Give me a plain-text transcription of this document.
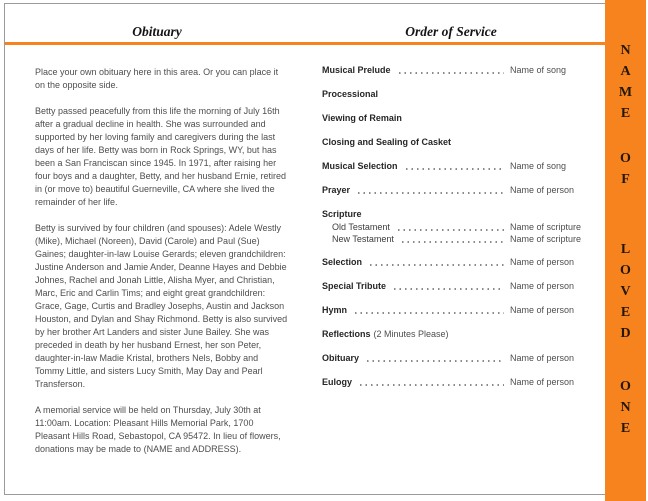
Obituary	Order of Service

Place your own obituary here in this area. Or you can place it on the opposite side.

Betty passed peacefully from this life the morning of July 16th after a gradual decline in health. She was surrounded and supported by her loving family and caregivers during the last days of her life. Betty was born in Rock Springs, WY, but has been a San Franciscan since 1945. In 1971, after raising her four boys and a daughter, Betty, and her husband Ernie, retired in (or move to) beautiful Guerneville, CA where she lived the remainder of her life.

Betty is survived by four children (and spouses): Adele Westly (Mike), Michael (Noreen), David (Carole) and Paul (Sue) Gaines; daughter-in-law Louise Gerards; eleven grandchildren: Justine Anderson and Jamie Ander, Deanne Hayes and Debbie Johnes, Rachel and Jonah Little, Alisha Myer, and Christian, Marc, Eric and Carlin Tims; and eight great grandchildren: Grace, Gage, Curtis and Bradley Josephs, Austin and Jackson Houston, and Dylan and Shay Richmond. Betty is also survived by her brother Art Landers and sister June Bailey. She was preceded in death by her husband Ernest, her son Peter, daughter-in-law Madie Kristal, brothers Nels, Bobby and Tommy Little, and sisters Lucy Smith, May Day and Pearl Transferson.

A memorial service will be held on Thursday, July 30th at 11:00am. Location: Pleasant Hills Memorial Park, 1700 Pleasant Hills Road, Sebastopol, CA 95472. In lieu of flowers, donations may be made to (NAME and ADDRESS).

Musical Prelude	Name of song
Processional
Viewing of Remain
Closing and Sealing of Casket
Musical Selection	Name of song
Prayer	Name of person
Scripture
Old Testament	Name of scripture
New Testament	Name of scripture
Selection	Name of person
Special Tribute	Name of person
Hymn	Name of person
Reflections (2 Minutes Please)
Obituary	Name of person
Eulogy	Name of person
N
A
M
E
O
F
L
O
V
E
D
O
N
E
